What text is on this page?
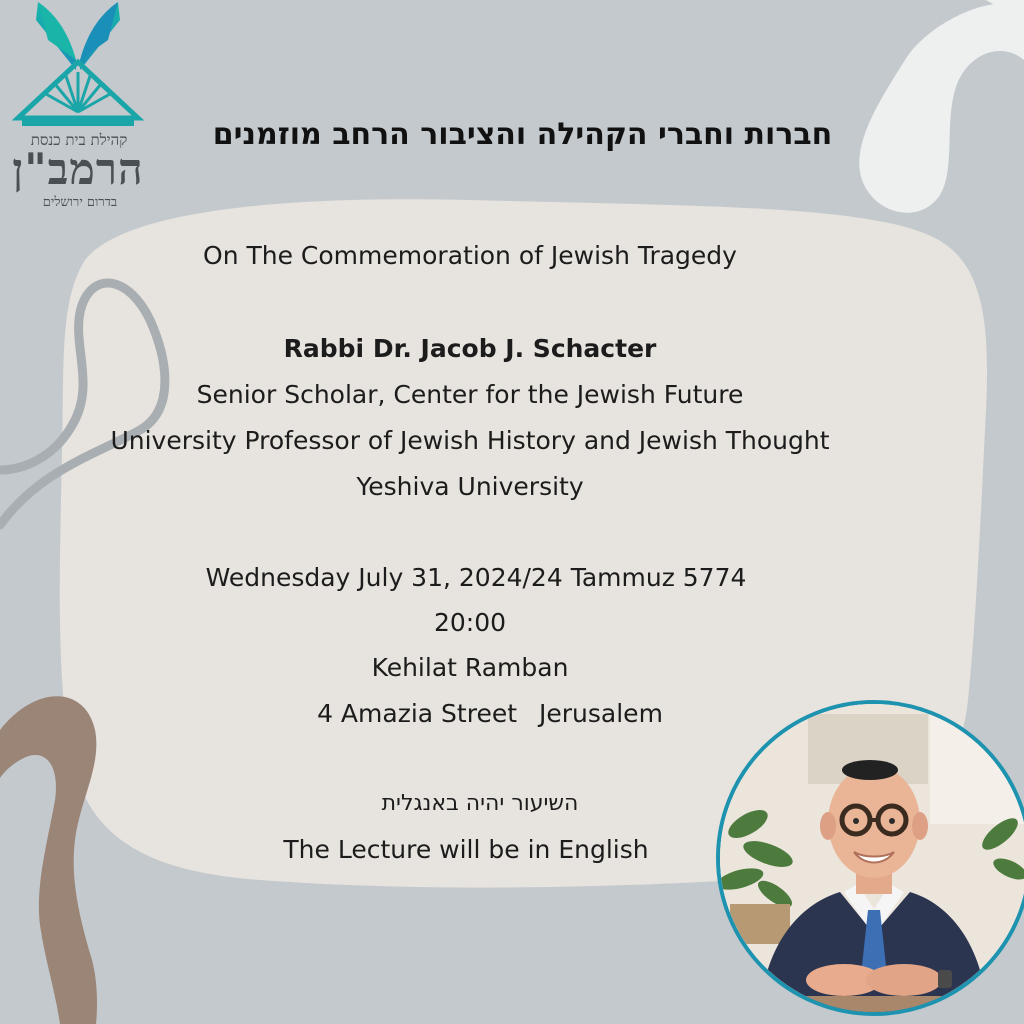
קהילת בית כנסת
הרמב"ן
בדרום ירושלים
חברות וחברי הקהילה והציבור הרחב מוזמנים
On The Commemoration of Jewish Tragedy
Rabbi Dr. Jacob J. Schacter
Senior Scholar, Center for the Jewish Future
University Professor of Jewish History and Jewish Thought
Yeshiva University
Wednesday July 31, 2024/24 Tammuz 5774
20:00
Kehilat Ramban
4 Amazia Street Jerusalem
השיעור יהיה באנגלית
The Lecture will be in English
